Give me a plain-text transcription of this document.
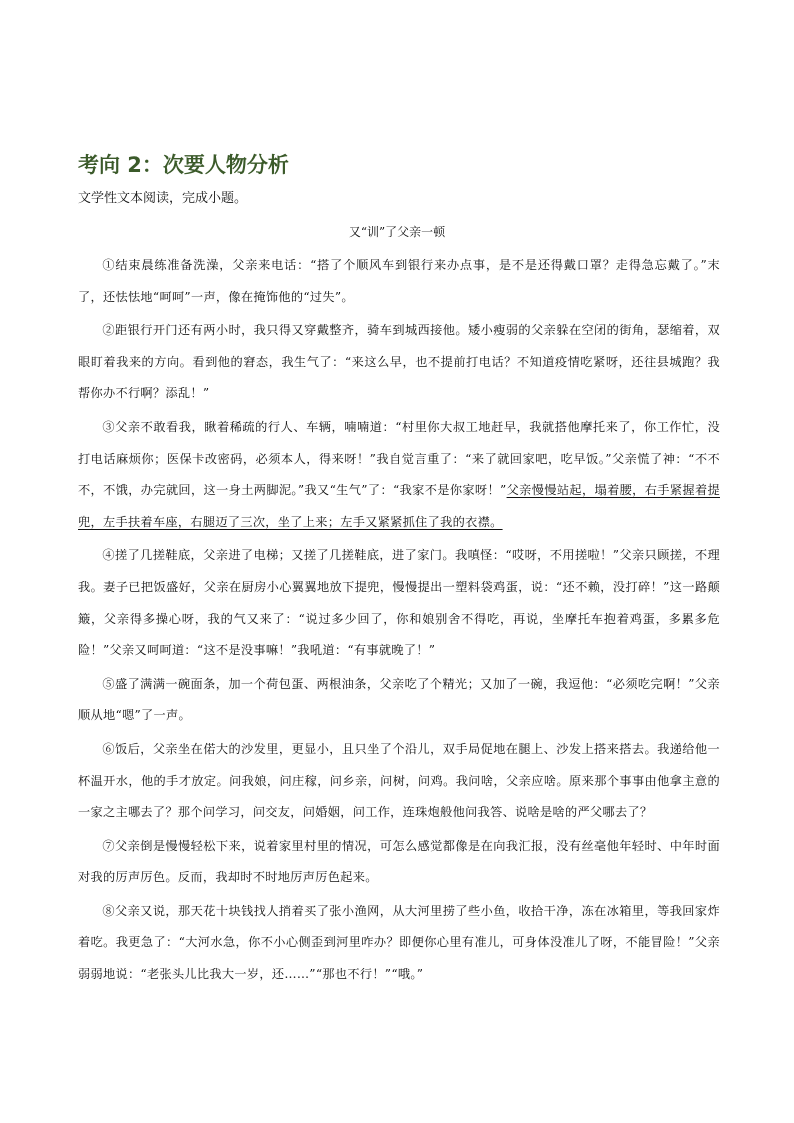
考向 2：次要人物分析
文学性文本阅读，完成小题。
又“训”了父亲一顿

①结束晨练准备洗澡，父亲来电话：“搭了个顺风车到银行来办点事，是不是还得戴口罩？走得急忘戴了。”末了，还怯怯地“呵呵”一声，像在掩饰他的“过失”。

②距银行开门还有两小时，我只得又穿戴整齐，骑车到城西接他。矮小瘦弱的父亲躲在空闭的街角，瑟缩着，双眼盯着我来的方向。看到他的窘态，我生气了：“来这么早，也不提前打电话？不知道疫情吃紧呀，还往县城跑？我帮你办不行啊？添乱！”

③父亲不敢看我，瞅着稀疏的行人、车辆，喃喃道：“村里你大叔工地赶早，我就搭他摩托来了，你工作忙，没打电话麻烦你；医保卡改密码，必须本人，得来呀！”我自觉言重了：“来了就回家吧，吃早饭。”父亲慌了神：“不不不，不饿，办完就回，这一身土两脚泥。”我又“生气”了：“我家不是你家呀！”父亲慢慢站起，塌着腰，右手紧握着提兜，左手扶着车座，右腿迈了三次，坐了上来；左手又紧紧抓住了我的衣襟。

④搓了几搓鞋底，父亲进了电梯；又搓了几搓鞋底，进了家门。我嗔怪：“哎呀，不用搓啦！”父亲只顾搓，不理我。妻子已把饭盛好，父亲在厨房小心翼翼地放下提兜，慢慢提出一塑料袋鸡蛋，说：“还不赖，没打碎！”这一路颠簸，父亲得多操心呀，我的气又来了：“说过多少回了，你和娘别舍不得吃，再说，坐摩托车抱着鸡蛋，多累多危险！”父亲又呵呵道：“这不是没事嘛！”我吼道：“有事就晚了！”

⑤盛了满满一碗面条，加一个荷包蛋、两根油条，父亲吃了个精光；又加了一碗，我逗他：“必须吃完啊！”父亲顺从地“嗯”了一声。

⑥饭后，父亲坐在偌大的沙发里，更显小，且只坐了个沿儿，双手局促地在腿上、沙发上搭来搭去。我递给他一杯温开水，他的手才放定。问我娘，问庄稼，问乡亲，问树，问鸡。我问啥，父亲应啥。原来那个事事由他拿主意的一家之主哪去了？那个问学习，问交友，问婚姻，问工作，连珠炮般他问我答、说啥是啥的严父哪去了？

⑦父亲倒是慢慢轻松下来，说着家里村里的情况，可怎么感觉都像是在向我汇报，没有丝毫他年轻时、中年时面对我的厉声厉色。反而，我却时不时地厉声厉色起来。

⑧父亲又说，那天花十块钱找人捎着买了张小渔网，从大河里捞了些小鱼，收拾干净，冻在冰箱里，等我回家炸着吃。我更急了：“大河水急，你不小心侧歪到河里咋办？即便你心里有准儿，可身体没准儿了呀，不能冒险！”父亲弱弱地说：“老张头儿比我大一岁，还……”“那也不行！”“哦。”
